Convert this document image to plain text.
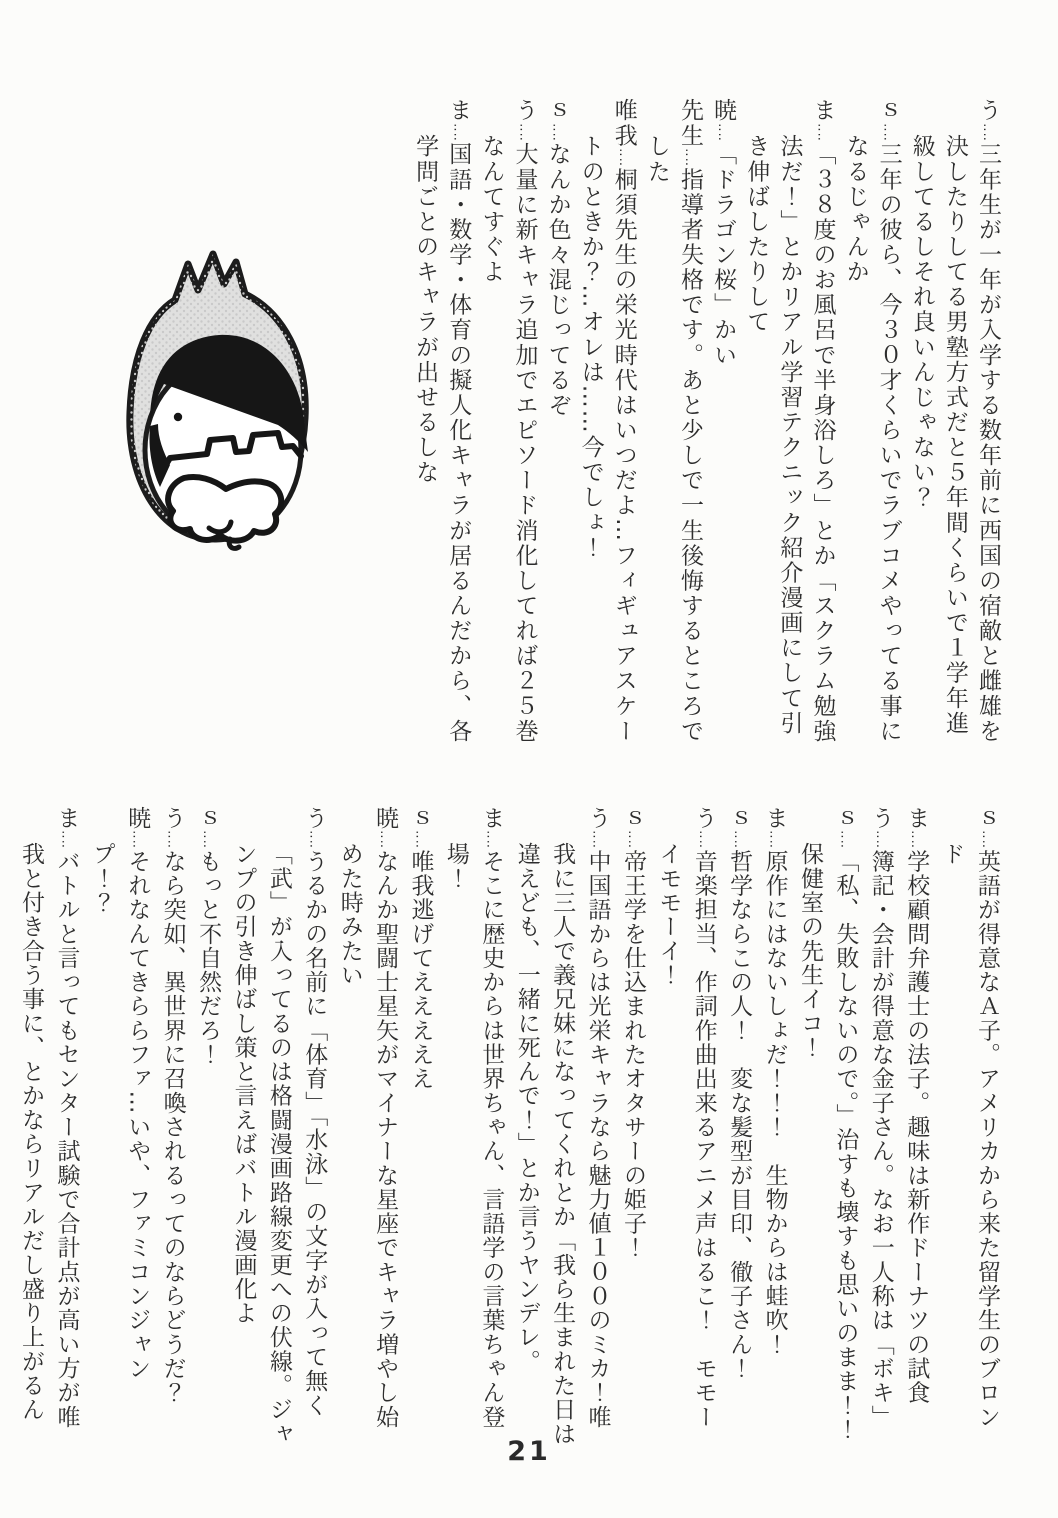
う‥‥三年生が一年が入学する数年前に西国の宿敵と雌雄を決したりしてる男塾方式だと５年間くらいで１学年進級してるしそれ良いんじゃない？

ｓ‥‥三年の彼ら、今３０才くらいでラブコメやってる事になるじゃんか

ま‥‥「３８度のお風呂で半身浴しろ」とか「スクラム勉強法だ！」とかリアル学習テクニック紹介漫画にして引き伸ばしたりして

暁‥‥「ドラゴン桜」かい

先生‥‥指導者失格です。あと少しで一生後悔するところでした

唯我‥‥桐須先生の栄光時代はいつだよ…フィギュアスケートのときか？…オレは……今でしょ！

ｓ‥‥なんか色々混じってるぞ

う‥‥大量に新キャラ追加でエピソード消化してれば２５巻なんてすぐよ

ま‥‥国語・数学・体育の擬人化キャラが居るんだから、各学問ごとのキャラが出せるしな

ｓ‥‥英語が得意なＡ子。アメリカから来た留学生のブロンド

ま‥‥学校顧問弁護士の法子。趣味は新作ドーナツの試食

う‥‥簿記・会計が得意な金子さん。なお一人称は「ボキ」

ｓ‥‥「私、失敗しないので。」治すも壊すも思いのまま！！保健室の先生イコ！

ま‥‥原作にはないしょだ！！！　生物からは蛙吹！

ｓ‥‥哲学ならこの人！　変な髪型が目印、徹子さん！

う‥‥音楽担当、作詞作曲出来るアニメ声はるこ！　モモーイモモーイ！

ｓ‥‥帝王学を仕込まれたオタサーの姫子！

う‥‥中国語からは光栄キャラなら魅力値１００のミカ！唯我に三人で義兄妹になってくれとか「我ら生まれた日は違えども、一緒に死んで！」とか言うヤンデレ。

ま‥‥そこに歴史からは世界ちゃん、言語学の言葉ちゃん登場！

ｓ‥‥唯我逃げてえええええ

暁‥‥なんか聖闘士星矢がマイナーな星座でキャラ増やし始めた時みたい

う‥‥うるかの名前に「体育」「水泳」の文字が入って無く「武」が入ってるのは格闘漫画路線変更への伏線。ジャンプの引き伸ばし策と言えばバトル漫画化よ

ｓ‥‥もっと不自然だろ！

う‥‥なら突如、異世界に召喚されるってのならどうだ？

暁‥‥それなんてきららファ…いや、ファミコンジャンプ！？

ま‥‥バトルと言ってもセンター試験で合計点が高い方が唯我と付き合う事に、とかならリアルだし盛り上がるん

21
